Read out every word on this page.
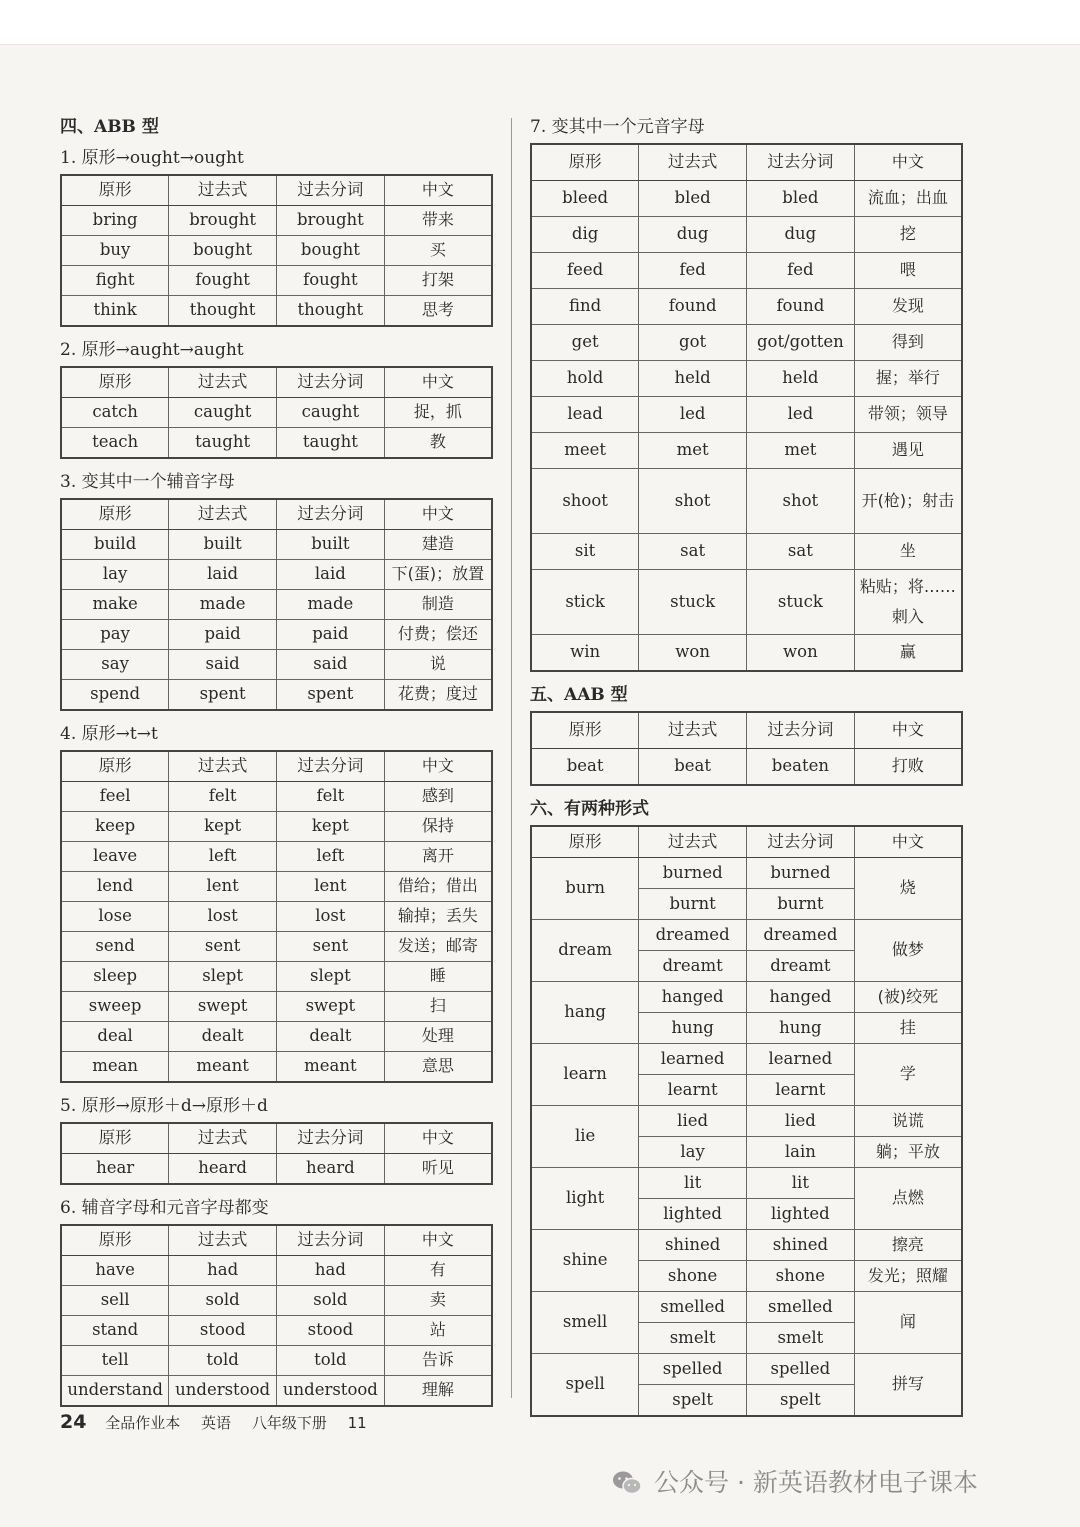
四、ABB 型
1. 原形→ought→ought
原形	过去式	过去分词	中文
bring	brought	brought	带来
buy	bought	bought	买
fight	fought	fought	打架
think	thought	thought	思考
2. 原形→aught→aught
原形	过去式	过去分词	中文
catch	caught	caught	捉，抓
teach	taught	taught	教
3. 变其中一个辅音字母
原形	过去式	过去分词	中文
build	built	built	建造
lay	laid	laid	下(蛋)；放置
make	made	made	制造
pay	paid	paid	付费；偿还
say	said	said	说
spend	spent	spent	花费；度过
4. 原形→t→t
原形	过去式	过去分词	中文
feel	felt	felt	感到
keep	kept	kept	保持
leave	left	left	离开
lend	lent	lent	借给；借出
lose	lost	lost	输掉；丢失
send	sent	sent	发送；邮寄
sleep	slept	slept	睡
sweep	swept	swept	扫
deal	dealt	dealt	处理
mean	meant	meant	意思
5. 原形→原形＋d→原形＋d
原形	过去式	过去分词	中文
hear	heard	heard	听见
6. 辅音字母和元音字母都变
原形	过去式	过去分词	中文
have	had	had	有
sell	sold	sold	卖
stand	stood	stood	站
tell	told	told	告诉
understand	understood	understood	理解
7. 变其中一个元音字母
原形	过去式	过去分词	中文
bleed	bled	bled	流血；出血
dig	dug	dug	挖
feed	fed	fed	喂
find	found	found	发现
get	got	got/gotten	得到
hold	held	held	握；举行
lead	led	led	带领；领导
meet	met	met	遇见
shoot	shot	shot	开(枪)；射击
sit	sat	sat	坐
stick	stuck	stuck	粘贴；将……刺入
win	won	won	赢
五、AAB 型
原形	过去式	过去分词	中文
beat	beat	beaten	打败
六、有两种形式
原形	过去式	过去分词	中文
burn	burned	burned	烧
	burnt	burnt	
dream	dreamed	dreamed	做梦
	dreamt	dreamt	
hang	hanged	hanged	(被)绞死
	hung	hung	挂
learn	learned	learned	学
	learnt	learnt	
lie	lied	lied	说谎
	lay	lain	躺；平放
light	lit	lit	点燃
	lighted	lighted	
shine	shined	shined	擦亮
	shone	shone	发光；照耀
smell	smelled	smelled	闻
	smelt	smelt	
spell	spelled	spelled	拼写
	spelt	spelt	
24 全品作业本 英语 八年级下册 11
公众号 · 新英语教材电子课本
